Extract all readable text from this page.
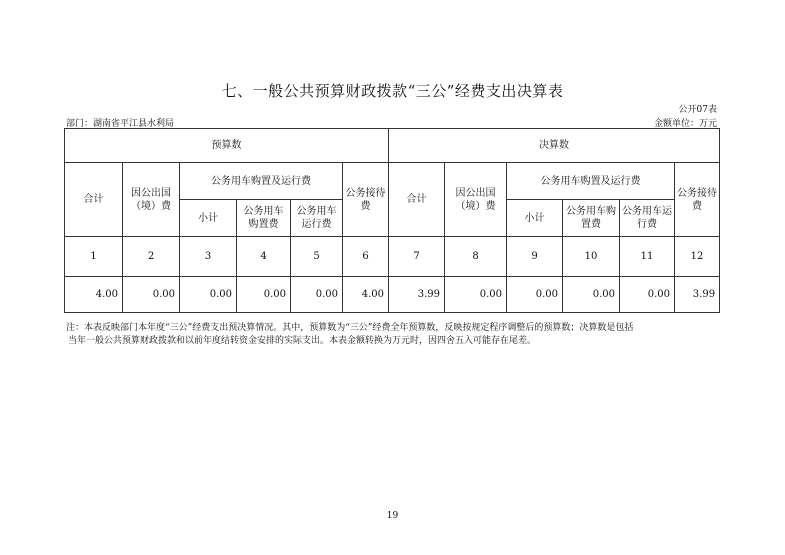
七、一般公共预算财政拨款“三公”经费支出决算表
公开07表
部门：湖南省平江县水利局	金额单位：万元
预算数						决算数					
合计	因公出国（境）费	公务用车购置及运行费			公务接待费	合计	因公出国（境）费	公务用车购置及运行费			公务接待费
		小计	公务用车购置费	公务用车运行费				小计	公务用车购置费	公务用车运行费	
1	2	3	4	5	6	7	8	9	10	11	12
4.00	0.00	0.00	0.00	0.00	4.00	3.99	0.00	0.00	0.00	0.00	3.99
注：本表反映部门本年度“三公”经费支出预决算情况。其中，预算数为“三公”经费全年预算数，反映按规定程序调整后的预算数；决算数是包括
当年一般公共预算财政拨款和以前年度结转资金安排的实际支出。本表金额转换为万元时，因四舍五入可能存在尾差。
19
